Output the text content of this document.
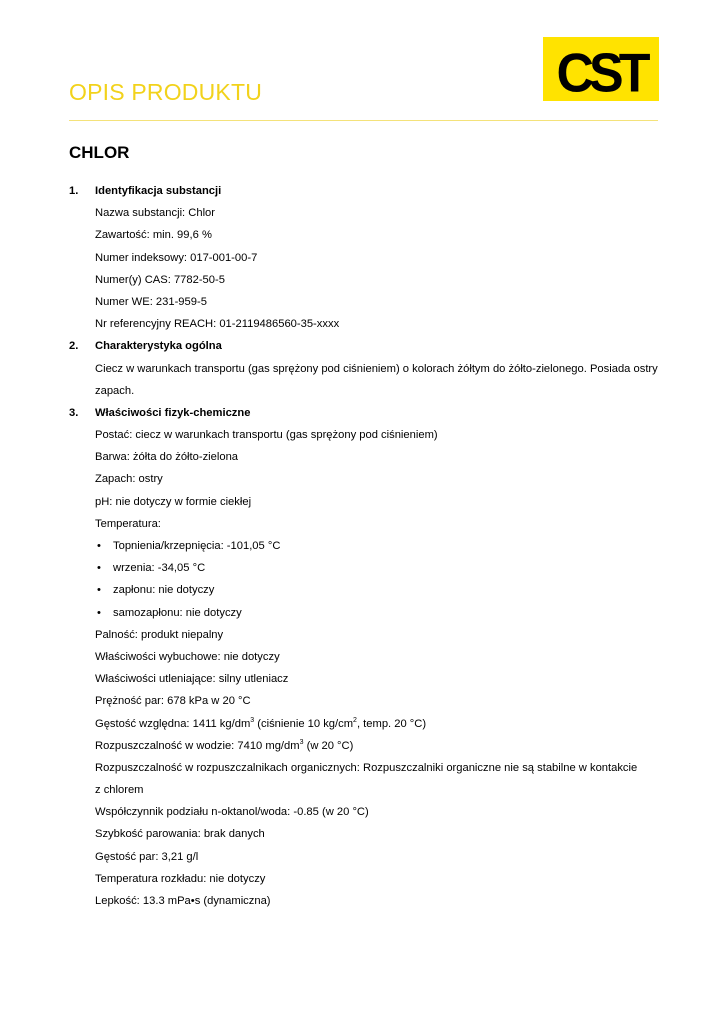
OPIS PRODUKTU	CST
CHLOR
1. Identyfikacja substancji
Nazwa substancji: Chlor
Zawartość: min. 99,6 %
Numer indeksowy: 017-001-00-7
Numer(y) CAS: 7782-50-5
Numer WE: 231-959-5
Nr referencyjny REACH: 01-2119486560-35-xxxx
2. Charakterystyka ogólna
Ciecz w warunkach transportu (gas sprężony pod ciśnieniem) o kolorach żółtym do żółto-zielonego. Posiada ostry
zapach.
3. Właściwości fizyk-chemiczne
Postać: ciecz w warunkach transportu (gas sprężony pod ciśnieniem)
Barwa: żółta do żółto-zielona
Zapach: ostry
pH: nie dotyczy w formie ciekłej
Temperatura:
• Topnienia/krzepnięcia: -101,05 °C
• wrzenia: -34,05 °C
• zapłonu: nie dotyczy
• samozapłonu: nie dotyczy
Palność: produkt niepalny
Właściwości wybuchowe: nie dotyczy
Właściwości utleniające: silny utleniacz
Prężność par: 678 kPa w 20 °C
Gęstość względna: 1411 $kg/dm^3$ (ciśnienie 10 $kg/cm^2$, temp. 20 °C)
Rozpuszczalność w wodzie: 7410 $mg/dm^3$ (w 20 °C)
Rozpuszczalność w rozpuszczalnikach organicznych: Rozpuszczalniki organiczne nie są stabilne w kontakcie
z chlorem
Współczynnik podziału n-oktanol/woda: -0.85 (w 20 °C)
Szybkość parowania: brak danych
Gęstość par: 3,21 g/l
Temperatura rozkładu: nie dotyczy
Lepkość: 13.3 mPa•s (dynamiczna)
